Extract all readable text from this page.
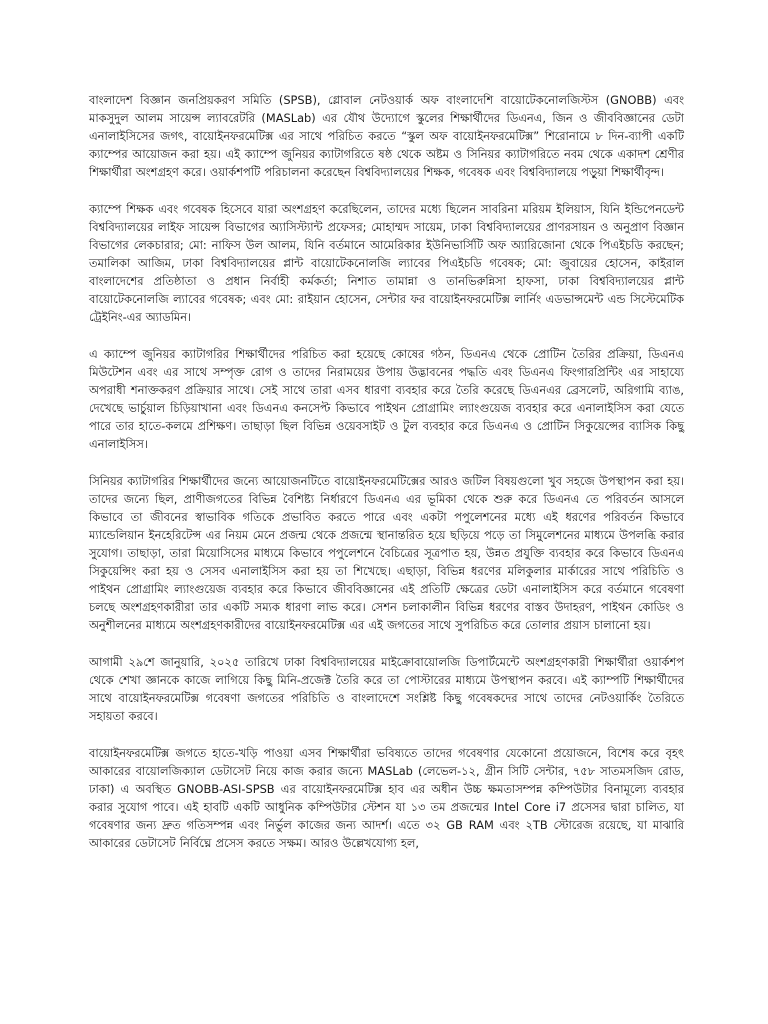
বাংলাদেশ বিজ্ঞান জনপ্রিয়করণ সমিতি (SPSB), গ্লোবাল নেটওয়ার্ক অফ বাংলাদেশি বায়োটেকনোলজিস্টস (GNOBB) এবং মাকসুদুল আলম সায়েন্স ল্যাবরেটরি (MASLab) এর যৌথ উদ্যোগে স্কুলের শিক্ষার্থীদের ডিএনএ, জিন ও জীববিজ্ঞানের ডেটা এনালাইসিসের জগৎ, বায়োইনফরমেটিক্স এর সাথে পরিচিত করতে “স্কুল অফ বায়োইনফরমেটিক্স” শিরোনামে ৮ দিন-ব্যাপী একটি ক্যাম্পের আয়োজন করা হয়। এই ক্যাম্পে জুনিয়র ক্যাটাগরিতে ষষ্ঠ থেকে অষ্টম ও সিনিয়র ক্যাটাগরিতে নবম থেকে একাদশ শ্রেণীর শিক্ষার্থীরা অংশগ্রহণ করে। ওয়ার্কশপটি পরিচালনা করেছেন বিশ্ববিদ্যালয়ের শিক্ষক, গবেষক এবং বিশ্ববিদ্যালয়ে পড়ুয়া শিক্ষার্থীবৃন্দ।

ক্যাম্পে শিক্ষক এবং গবেষক হিসেবে যারা অংশগ্রহণ করেছিলেন, তাদের মধ্যে ছিলেন সাবরিনা মরিয়ম ইলিয়াস, যিনি ইন্ডিপেনডেন্ট বিশ্ববিদ্যালয়ের লাইফ সায়েন্স বিভাগের অ্যাসিস্ট্যান্ট প্রফেসর; মোহাম্মদ সায়েম, ঢাকা বিশ্ববিদ্যালয়ের প্রাণরসায়ন ও অনুপ্রাণ বিজ্ঞান বিভাগের লেকচারার; মো: নাফিস উল আলম, যিনি বর্তমানে আমেরিকার ইউনিভার্সিটি অফ অ্যারিজোনা থেকে পিএইচডি করছেন; তমালিকা আজিম, ঢাকা বিশ্ববিদ্যালয়ের প্লান্ট বায়োটেকনোলজি ল্যাবের পিএইচডি গবেষক; মো: জুবায়ের হোসেন, কাইরাল বাংলাদেশের প্রতিষ্ঠাতা ও প্রধান নির্বাহী কর্মকর্তা; নিশাত তামান্না ও তানভিরুন্নিসা হাফসা, ঢাকা বিশ্ববিদ্যালয়ের প্লান্ট বায়োটেকনোলজি ল্যাবের গবেষক; এবং মো: রাইয়ান হোসেন, সেন্টার ফর বায়োইনফরমেটিক্স লার্নিং এডভান্সমেন্ট এন্ড সিস্টেমেটিক ট্রেইনিং-এর অ্যাডমিন।

এ ক্যাম্পে জুনিয়র ক্যাটাগরির শিক্ষার্থীদের পরিচিত করা হয়েছে কোষের গঠন, ডিএনএ থেকে প্রোটিন তৈরির প্রক্রিয়া, ডিএনএ মিউটেশন এবং এর সাথে সম্পৃক্ত রোগ ও তাদের নিরাময়ের উপায় উদ্ভাবনের পদ্ধতি এবং ডিএনএ ফিংগারপ্রিন্টিং এর সাহায্যে অপরাধী শনাক্তকরণ প্রক্রিয়ার সাথে। সেই সাথে তারা এসব ধারণা ব্যবহার করে তৈরি করেছে ডিএনএর ব্রেসলেট, অরিগামি ব্যাঙ, দেখেছে ভার্চুয়াল চিড়িয়াখানা এবং ডিএনএ কনসেপ্ট কিভাবে পাইথন প্রোগ্রামিং ল্যাংগুয়েজ ব্যবহার করে এনালাইসিস করা যেতে পারে তার হাতে-কলমে প্রশিক্ষণ। তাছাড়া ছিল বিভিন্ন ওয়েবসাইট ও টুল ব্যবহার করে ডিএনএ ও প্রোটিন সিকুয়েন্সের ব্যাসিক কিছু এনালাইসিস।

সিনিয়র ক্যাটাগরির শিক্ষার্থীদের জন্যে আয়োজনটিতে বায়োইনফরমেটিক্সের আরও জটিল বিষয়গুলো খুব সহজে উপস্থাপন করা হয়। তাদের জন্যে ছিল, প্রাণীজগতের বিভিন্ন বৈশিষ্ট্য নির্ধারণে ডিএনএ এর ভূমিকা থেকে শুরু করে ডিএনএ তে পরিবর্তন আসলে কিভাবে তা জীবনের স্বাভাবিক গতিকে প্রভাবিত করতে পারে এবং একটা পপুলেশনের মধ্যে এই ধরণের পরিবর্তন কিভাবে ম্যান্ডেলিয়ান ইনহেরিটেন্স এর নিয়ম মেনে প্রজন্ম থেকে প্রজন্মে স্থানান্তরিত হয়ে ছড়িয়ে পড়ে তা সিমুলেশনের মাধ্যমে উপলব্ধি করার সুযোগ। তাছাড়া, তারা মিয়োসিসের মাধ্যমে কিভাবে পপুলেশনে বৈচিত্রের সূত্রপাত হয়, উন্নত প্রযুক্তি ব্যবহার করে কিভাবে ডিএনএ সিকুয়েন্সিং করা হয় ও সেসব এনালাইসিস করা হয় তা শিখেছে। এছাড়া, বিভিন্ন ধরণের মলিকুলার মার্কারের সাথে পরিচিতি ও পাইথন প্রোগ্রামিং ল্যাংগুয়েজ ব্যবহার করে কিভাবে জীববিজ্ঞানের এই প্রতিটি ক্ষেত্রের ডেটা এনালাইসিস করে বর্তমানে গবেষণা চলছে অংশগ্রহণকারীরা তার একটি সম্যক ধারণা লাভ করে। সেশন চলাকালীন বিভিন্ন ধরণের বাস্তব উদাহরণ, পাইথন কোডিং ও অনুশীলনের মাধ্যমে অংশগ্রহণকারীদের বায়োইনফরমেটিক্স এর এই জগতের সাথে সুপরিচিত করে তোলার প্রয়াস চালানো হয়।

আগামী ২৯শে জানুয়ারি, ২০২৫ তারিখে ঢাকা বিশ্ববিদ্যালয়ের মাইক্রোবায়োলজি ডিপার্টমেন্টে অংশগ্রহণকারী শিক্ষার্থীরা ওয়ার্কশপ থেকে শেখা জ্ঞানকে কাজে লাগিয়ে কিছু মিনি-প্রজেক্ট তৈরি করে তা পোস্টারের মাধ্যমে উপস্থাপন করবে। এই ক্যাম্পটি শিক্ষার্থীদের সাথে বায়োইনফরমেটিক্স গবেষণা জগতের পরিচিতি ও বাংলাদেশে সংশ্লিষ্ট কিছু গবেষকদের সাথে তাদের নেটওয়ার্কিং তৈরিতে সহায়তা করবে।

বায়োইনফরমেটিক্স জগতে হাতে-খড়ি পাওয়া এসব শিক্ষার্থীরা ভবিষ্যতে তাদের গবেষণার যেকোনো প্রয়োজনে, বিশেষ করে বৃহৎ আকারের বায়োলজিক্যাল ডেটাসেট নিয়ে কাজ করার জন্যে MASLab (লেভেল-১২, গ্রীন সিটি সেন্টার, ৭৫৮ সাতমসজিদ রোড, ঢাকা) এ অবস্থিত GNOBB-ASI-SPSB এর বায়োইনফরমেটিক্স হাব এর অধীন উচ্চ ক্ষমতাসম্পন্ন কম্পিউটার বিনামূল্যে ব্যবহার করার সুযোগ পাবে। এই হাবটি একটি আধুনিক কম্পিউটার স্টেশন যা ১৩ তম প্রজন্মের Intel Core i7 প্রসেসর দ্বারা চালিত, যা গবেষণার জন্য দ্রুত গতিসম্পন্ন এবং নির্ভুল কাজের জন্য আদর্শ। এতে ৩২ GB RAM এবং ২TB স্টোরেজ রয়েছে, যা মাঝারি আকারের ডেটাসেট নির্বিঘ্নে প্রসেস করতে সক্ষম। আরও উল্লেখযোগ্য হল,
